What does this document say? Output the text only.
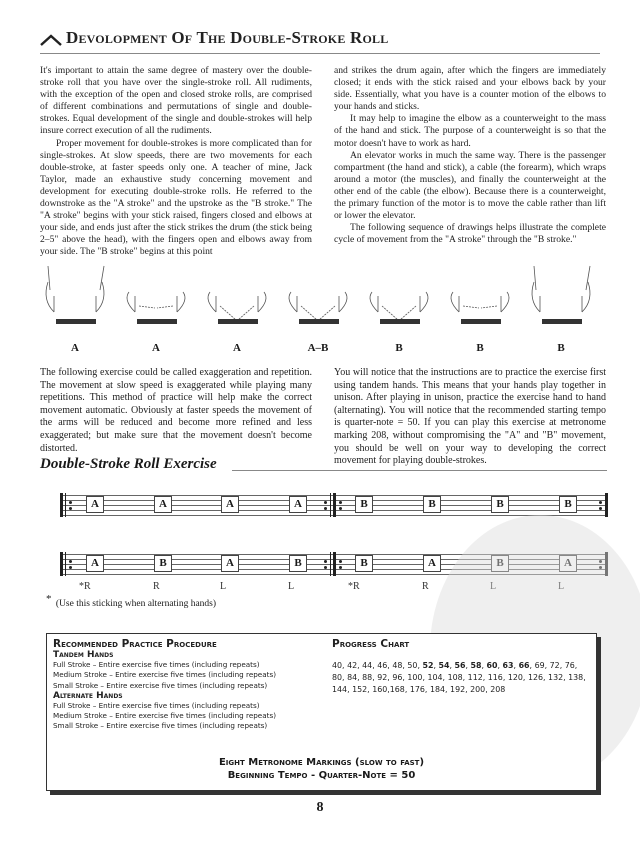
Devolopment Of The Double-Stroke Roll

It's important to attain the same degree of mastery over the double-stroke roll that you have over the single-stroke roll. All rudiments, with the exception of the open and closed stroke rolls, are comprised of different combinations and permutations of single and double-strokes. Equal development of the single and double-strokes will help insure correct execution of all the rudiments.

Proper movement for double-strokes is more complicated than for single-strokes. At slow speeds, there are two movements for each double-stroke, at faster speeds only one. A teacher of mine, Jack Taylor, made an exhaustive study concerning movement and development for executing double-stroke rolls. He referred to the downstroke as the "A stroke" and the upstroke as the "B stroke." The "A stroke" begins with your stick raised, fingers closed and elbows at your side, and ends just after the stick strikes the drum (the stick being 2–5" above the head), with the fingers open and elbows away from your side. The "B stroke" begins at this point

and strikes the drum again, after which the fingers are immediately closed; it ends with the stick raised and your elbows back by your side. Essentially, what you have is a counter motion of the elbows to your hands and sticks.

It may help to imagine the elbow as a counterweight to the mass of the hand and stick. The purpose of a counterweight is so that the motor doesn't have to work as hard.

An elevator works in much the same way. There is the passenger compartment (the hand and stick), a cable (the forearm), which wraps around a motor (the muscles), and finally the counterweight at the other end of the cable (the elbow). Because there is a counterweight, the primary function of the motor is to move the cable rather than lift or lower the elevator.

The following sequence of drawings helps illustrate the complete cycle of movement from the "A stroke" through the "B stroke."

A	A	A	A–B	B	B	B

The following exercise could be called exaggeration and repetition. The movement at slow speed is exaggerated while playing many repetitions. This method of practice will help make the correct movement automatic. Obviously at faster speeds the movement of the arms will be reduced and become more refined and less exaggerated; but make sure that the movement doesn't become distorted.

You will notice that the instructions are to practice the exercise first using tandem hands. This means that your hands play together in unison. After playing in unison, practice the exercise hand to hand (alternating). You will notice that the recommended starting tempo is quarter-note = 50. If you can play this exercise at metronome marking 208, without compromising the "A" and "B" movement, you should be well on your way to developing the correct movement for playing double-strokes.

Double-Stroke Roll Exercise
A	A	A	A	B	B	B	B
A	B	A	B	B	A	B	A
*R	R	L	L	*R	R	L	L
* (Use this sticking when alternating hands)
Recommended Practice Procedure
Tandem Hands
Full Stroke – Entire exercise five times (including repeats)
Medium Stroke – Entire exercise five times (including repeats)
Small Stroke – Entire exercise five times (including repeats)
Alternate Hands
Full Stroke – Entire exercise five times (including repeats)
Medium Stroke – Entire exercise five times (including repeats)
Small Stroke – Entire exercise five times (including repeats)
Progress Chart
40, 42, 44, 46, 48, 50, 52, 54, 56, 58, 60, 63, 66, 69, 72, 76, 80, 84, 88, 92, 96, 100, 104, 108, 112, 116, 120, 126, 132, 138, 144, 152, 160,168, 176, 184, 192, 200, 208
Eight Metronome Markings (slow to fast)
Beginning Tempo - Quarter-Note = 50
8
